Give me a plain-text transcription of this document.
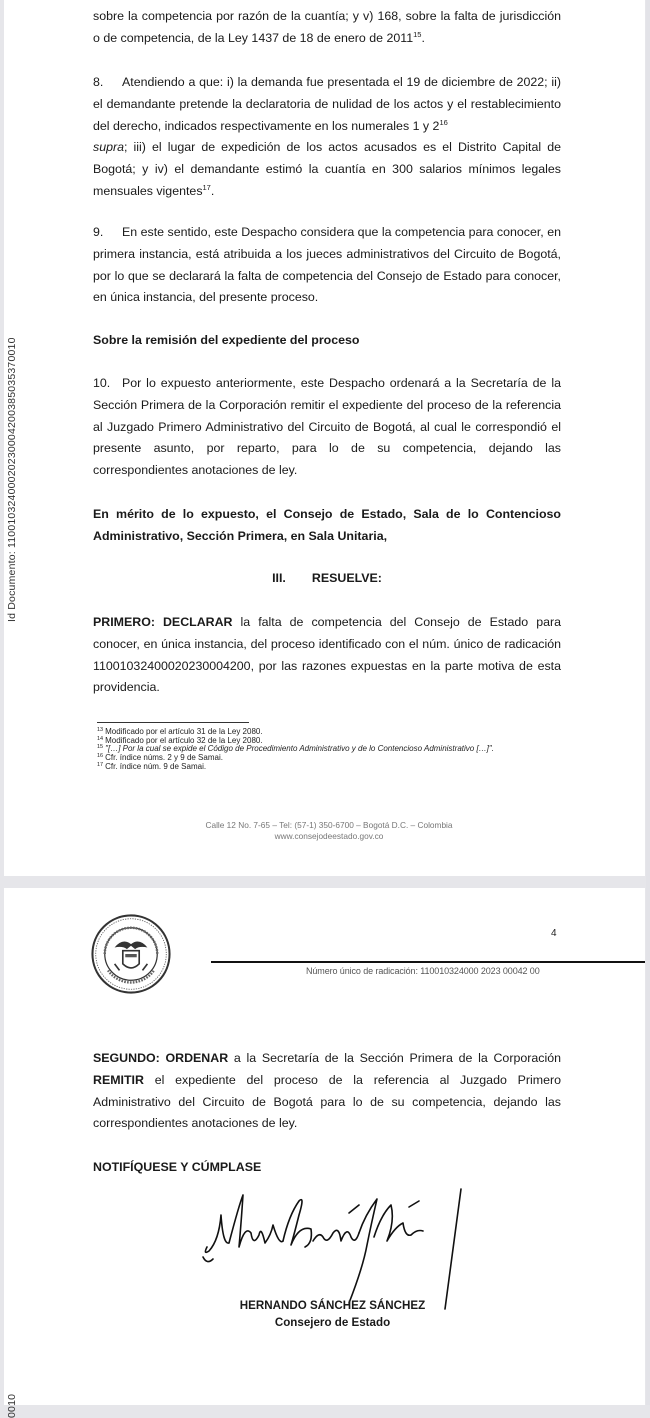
Id Documento: 11001032400020230004200385035370010

sobre la competencia por razón de la cuantía; y v) 168, sobre la falta de jurisdicción o de competencia, de la Ley 1437 de 18 de enero de 2011$^{15}$.

8. Atendiendo a que: i) la demanda fue presentada el 19 de diciembre de 2022; ii) el demandante pretende la declaratoria de nulidad de los actos y el restablecimiento del derecho, indicados respectivamente en los numerales 1 y $2^{16}$
supra; iii) el lugar de expedición de los actos acusados es el Distrito Capital de Bogotá; y iv) el demandante estimó la cuantía en 300 salarios mínimos legales mensuales vigentes$^{17}$.

9. En este sentido, este Despacho considera que la competencia para conocer, en primera instancia, está atribuida a los jueces administrativos del Circuito de Bogotá, por lo que se declarará la falta de competencia del Consejo de Estado para conocer, en única instancia, del presente proceso.

Sobre la remisión del expediente del proceso

10. Por lo expuesto anteriormente, este Despacho ordenará a la Secretaría de la Sección Primera de la Corporación remitir el expediente del proceso de la referencia al Juzgado Primero Administrativo del Circuito de Bogotá, al cual le correspondió el presente asunto, por reparto, para lo de su competencia, dejando las correspondientes anotaciones de ley.

En mérito de lo expuesto, el Consejo de Estado, Sala de lo Contencioso Administrativo, Sección Primera, en Sala Unitaria,

III. RESUELVE:

PRIMERO: DECLARAR la falta de competencia del Consejo de Estado para conocer, en única instancia, del proceso identificado con el núm. único de radicación 11001032400020230004200, por las razones expuestas en la parte motiva de esta providencia.

$^{13}$ Modificado por el artículo 31 de la Ley 2080.
$^{14}$ Modificado por el artículo 32 de la Ley 2080.
$^{15}$ "[…] Por la cual se expide el Código de Procedimiento Administrativo y de lo Contencioso Administrativo […]".
$^{16}$ Cfr. índice núms. 2 y 9 de Samai.
$^{17}$ Cfr. índice núm. 9 de Samai.
Calle 12 No. 7-65 – Tel: (57-1) 350-6700 – Bogotá D.C. – Colombia
www.consejodeestado.gov.co
4
Número único de radicación: 110010324000 2023 00042 00

SEGUNDO: ORDENAR a la Secretaría de la Sección Primera de la Corporación REMITIR el expediente del proceso de la referencia al Juzgado Primero Administrativo del Circuito de Bogotá para lo de su competencia, dejando las correspondientes anotaciones de ley.

NOTIFÍQUESE Y CÚMPLASE

HERNANDO SÁNCHEZ SÁNCHEZ
Consejero de Estado
0010
